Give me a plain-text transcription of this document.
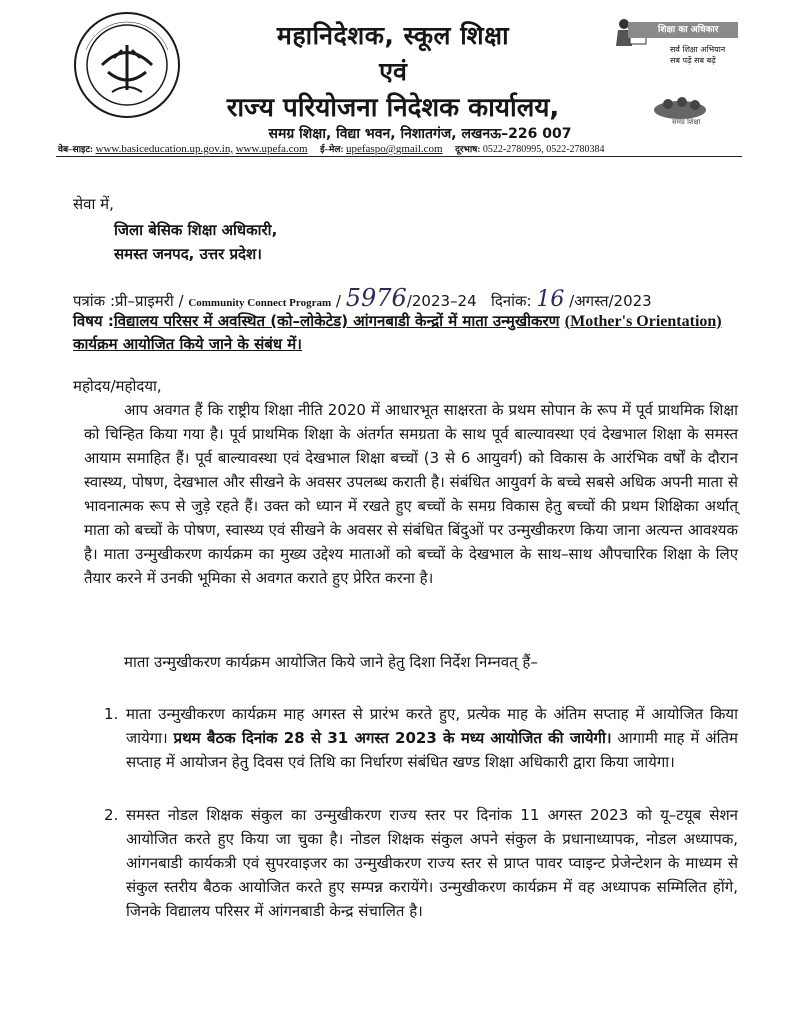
महानिदेशक, स्कूल शिक्षा
एवं
राज्य परियोजना निदेशक कार्यालय,
समग्र शिक्षा, विद्या भवन, निशातगंज, लखनऊ–226 007
शिक्षा का अधिकार
सर्व शिक्षा अभियान
सब पढ़ें सब बढ़ें
समग्र शिक्षा
वेब–साइट: www.basiceducation.up.gov.in, www.upefa.com ई–मेल: upefaspo@gmail.com दूरभाष: 0522-2780995, 0522-2780384
सेवा में,
जिला बेसिक शिक्षा अधिकारी,
समस्त जनपद, उत्तर प्रदेश।
पत्रांक :प्री–प्राइमरी / Community Connect Program / 5976/2023–24 दिनांक: 16 /अगस्त/2023
विषय :विद्यालय परिसर में अवस्थित (को–लोकेटेड) आंगनबाडी केन्द्रों में माता उन्मुखीकरण (Mother's Orientation) कार्यक्रम आयोजित किये जाने के संबंध में।
महोदय/महोदया,
आप अवगत हैं कि राष्ट्रीय शिक्षा नीति 2020 में आधारभूत साक्षरता के प्रथम सोपान के रूप में पूर्व प्राथमिक शिक्षा को चिन्हित किया गया है। पूर्व प्राथमिक शिक्षा के अंतर्गत समग्रता के साथ पूर्व बाल्यावस्था एवं देखभाल शिक्षा के समस्त आयाम समाहित हैं। पूर्व बाल्यावस्था एवं देखभाल शिक्षा बच्चों (3 से 6 आयुवर्ग) को विकास के आरंभिक वर्षों के दौरान स्वास्थ्य, पोषण, देखभाल और सीखने के अवसर उपलब्ध कराती है। संबंधित आयुवर्ग के बच्चे सबसे अधिक अपनी माता से भावनात्मक रूप से जुड़े रहते हैं। उक्त को ध्यान में रखते हुए बच्चों के समग्र विकास हेतु बच्चों की प्रथम शिक्षिका अर्थात् माता को बच्चों के पोषण, स्वास्थ्य एवं सीखने के अवसर से संबंधित बिंदुओं पर उन्मुखीकरण किया जाना अत्यन्त आवश्यक है। माता उन्मुखीकरण कार्यक्रम का मुख्य उद्देश्य माताओं को बच्चों के देखभाल के साथ–साथ औपचारिक शिक्षा के लिए तैयार करने में उनकी भूमिका से अवगत कराते हुए प्रेरित करना है।
माता उन्मुखीकरण कार्यक्रम आयोजित किये जाने हेतु दिशा निर्देश निम्नवत् हैं–
1. माता उन्मुखीकरण कार्यक्रम माह अगस्त से प्रारंभ करते हुए, प्रत्येक माह के अंतिम सप्ताह में आयोजित किया जायेगा। प्रथम बैठक दिनांक 28 से 31 अगस्त 2023 के मध्य आयोजित की जायेगी। आगामी माह में अंतिम सप्ताह में आयोजन हेतु दिवस एवं तिथि का निर्धारण संबंधित खण्ड शिक्षा अधिकारी द्वारा किया जायेगा।
2. समस्त नोडल शिक्षक संकुल का उन्मुखीकरण राज्य स्तर पर दिनांक 11 अगस्त 2023 को यू–टयूब सेशन आयोजित करते हुए किया जा चुका है। नोडल शिक्षक संकुल अपने संकुल के प्रधानाध्यापक, नोडल अध्यापक, आंगनबाडी कार्यकत्री एवं सुपरवाइजर का उन्मुखीकरण राज्य स्तर से प्राप्त पावर प्वाइन्ट प्रेजेन्टेशन के माध्यम से संकुल स्तरीय बैठक आयोजित करते हुए सम्पन्न करायेंगे। उन्मुखीकरण कार्यक्रम में वह अध्यापक सम्मिलित होंगे, जिनके विद्यालय परिसर में आंगनबाडी केन्द्र संचालित है।
